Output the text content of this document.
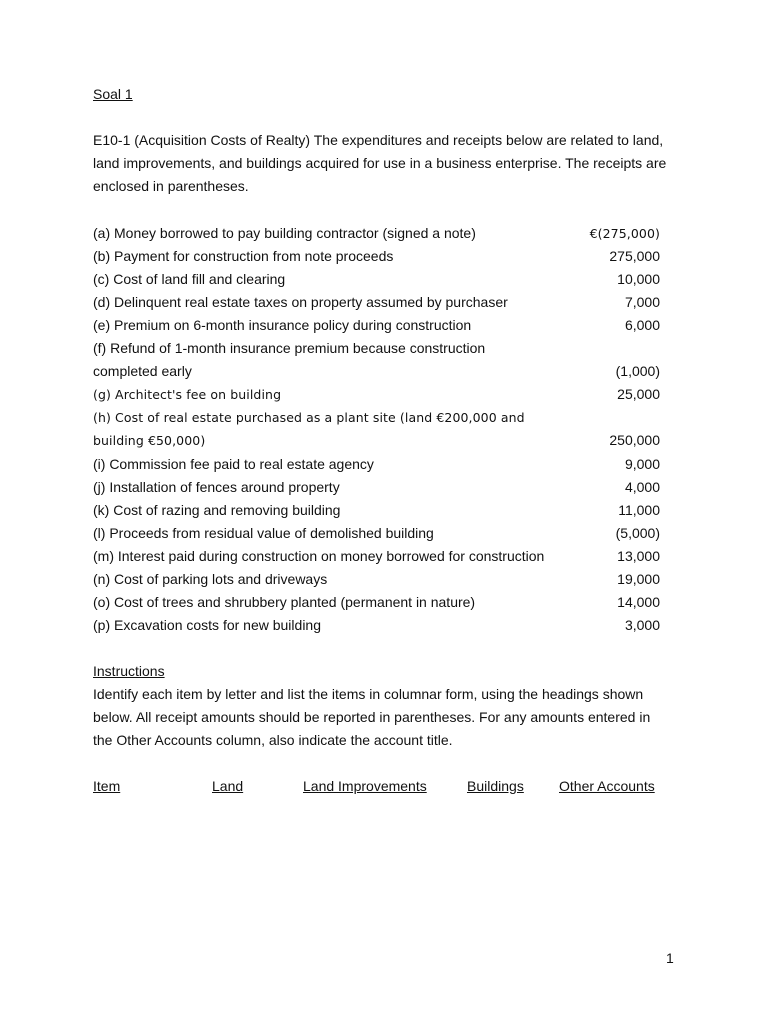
Soal 1
E10-1 (Acquisition Costs of Realty) The expenditures and receipts below are related to land,
land improvements, and buildings acquired for use in a business enterprise. The receipts are
enclosed in parentheses.
(a) Money borrowed to pay building contractor (signed a note)	€(275,000)
(b) Payment for construction from note proceeds	275,000
(c) Cost of land fill and clearing	10,000
(d) Delinquent real estate taxes on property assumed by purchaser	7,000
(e) Premium on 6-month insurance policy during construction	6,000
(f) Refund of 1-month insurance premium because construction
completed early	(1,000)
(g) Architect's fee on building	25,000
(h) Cost of real estate purchased as a plant site (land €200,000 and
building €50,000)	250,000
(i) Commission fee paid to real estate agency	9,000
(j) Installation of fences around property	4,000
(k) Cost of razing and removing building	11,000
(l) Proceeds from residual value of demolished building	(5,000)
(m) Interest paid during construction on money borrowed for construction	13,000
(n) Cost of parking lots and driveways	19,000
(o) Cost of trees and shrubbery planted (permanent in nature)	14,000
(p) Excavation costs for new building	3,000
Instructions
Identify each item by letter and list the items in columnar form, using the headings shown
below. All receipt amounts should be reported in parentheses. For any amounts entered in
the Other Accounts column, also indicate the account title.
Item	Land	Land Improvements	Buildings	Other Accounts
1
